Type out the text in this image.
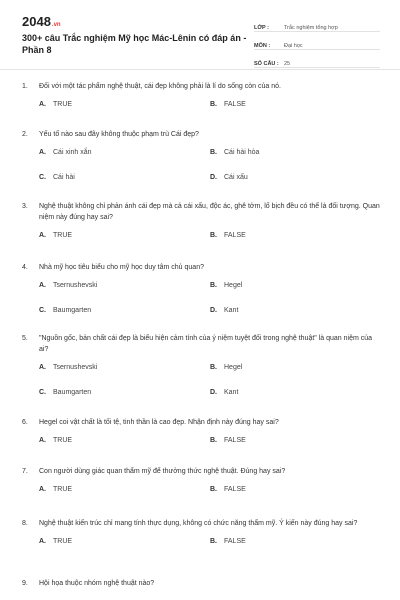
2048.vn
300+ câu Trắc nghiệm Mỹ học Mác-Lênin có đáp án - Phần 8
LỚP :	Trắc nghiệm tổng hợp
MÔN :	Đại học
SỐ CÂU : 25
1.	Đối với một tác phẩm nghệ thuật, cái đẹp không phải là lí do sống còn của nó.
A.	TRUE	B.	FALSE
2.	Yếu tố nào sau đây không thuộc phạm trù Cái đẹp?
A.	Cái xinh xắn	B.	Cái hài hòa
C.	Cái hài	D.	Cái xấu
3.	Nghệ thuật không chỉ phản ánh cái đẹp mà cả cái xấu, độc ác, ghê tởm, lố bịch đều có thể là đối tượng. Quan niệm này đúng hay sai?
A.	TRUE	B.	FALSE
4.	Nhà mỹ học tiêu biểu cho mỹ học duy tâm chủ quan?
A.	Tsernushevski	B.	Hegel
C.	Baumgarten	D.	Kant
5.	"Nguồn gốc, bản chất cái đẹp là biểu hiện cảm tính của ý niệm tuyệt đối trong nghệ thuật" là quan niệm của ai?
A.	Tsernushevski	B.	Hegel
C.	Baumgarten	D.	Kant
6.	Hegel coi vật chất là tối tệ, tinh thần là cao đẹp. Nhận định này đúng hay sai?
A.	TRUE	B.	FALSE
7.	Con người dùng giác quan thẩm mỹ để thưởng thức nghệ thuật. Đúng hay sai?
A.	TRUE	B.	FALSE
8.	Nghệ thuật kiến trúc chỉ mang tính thực dụng, không có chức năng thẩm mỹ. Ý kiến này đúng hay sai?
A.	TRUE	B.	FALSE
9.	Hội họa thuộc nhóm nghệ thuật nào?
